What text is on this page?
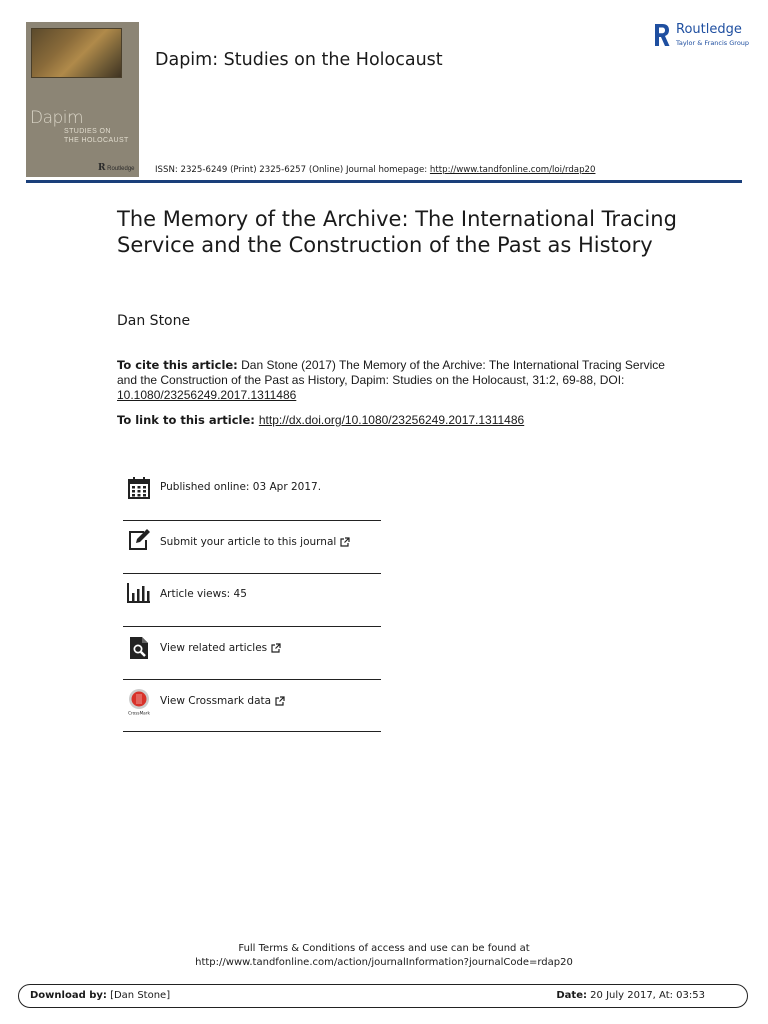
Dapim
STUDIES ON
THE HOLOCAUST
R Routledge
Dapim: Studies on the Holocaust
ISSN: 2325-6249 (Print) 2325-6257 (Online) Journal homepage: http://www.tandfonline.com/loi/rdap20
Routledge
Taylor & Francis Group
The Memory of the Archive: The International Tracing Service and the Construction of the Past as History
Dan Stone
To cite this article: Dan Stone (2017) The Memory of the Archive: The International Tracing Service and the Construction of the Past as History, Dapim: Studies on the Holocaust, 31:2, 69-88, DOI: 10.1080/23256249.2017.1311486
To link to this article: http://dx.doi.org/10.1080/23256249.2017.1311486
Published online: 03 Apr 2017.
Submit your article to this journal
Article views: 45
View related articles
CrossMark
View Crossmark data
Full Terms & Conditions of access and use can be found at
http://www.tandfonline.com/action/journalInformation?journalCode=rdap20
Download by: [Dan Stone]	Date: 20 July 2017, At: 03:53
